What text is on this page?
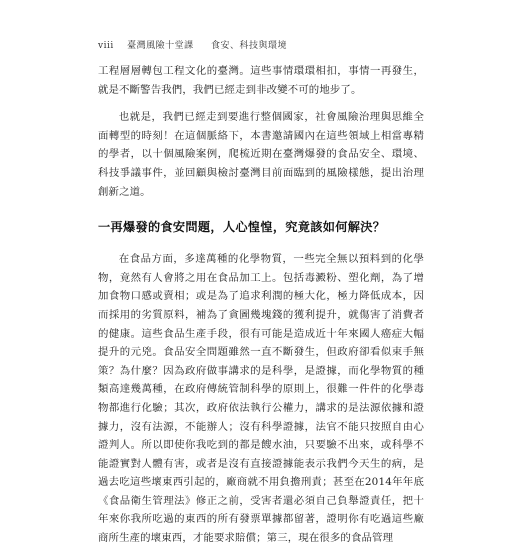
viii 臺灣風險十堂課 食安、科技與環境

工程層層轉包工程文化的臺灣。這些事情環環相扣，事情一再發生，就是不斷警告我們，我們已經走到非改變不可的地步了。

也就是，我們已經走到要進行整個國家，社會風險治理與思維全面轉型的時刻！在這個脈絡下，本書邀請國內在這些領域上相當專精的學者，以十個風險案例，爬梳近期在臺灣爆發的食品安全、環境、科技爭議事件，並回顧與檢討臺灣目前面臨到的風險樣態，提出治理創新之道。

一再爆發的食安問題，人心惶惶，究竟該如何解決？

在食品方面，多達萬種的化學物質，一些完全無以預料到的化學物，竟然有人會將之用在食品加工上。包括毒澱粉、塑化劑，為了增加食物口感或賣相；或是為了追求利潤的極大化，極力降低成本，因而採用的劣質原料，補為了貪圖幾塊錢的獲利提升，就傷害了消費者的健康。這些食品生產手段，很有可能是造成近十年來國人癌症大幅提升的元兇。食品安全問題雖然一直不斷發生，但政府卻看似束手無策？為什麼？因為政府做事講求的是科學，是證據，而化學物質的種類高達幾萬種，在政府傳統管制科學的原則上，很難一件件的化學毒物都進行化驗；其次，政府依法執行公權力，講求的是法源依據和證據力，沒有法源，不能辦人；沒有科學證據，法官不能只按照自由心證判人。所以即使你我吃到的都是餿水油，只要驗不出來，或科學不能證實對人體有害，或者是沒有直接證據能表示我們今天生的病，是過去吃這些壞東西引起的，廠商就不用負擔刑責；甚至在2014年年底《食品衛生管理法》修正之前，受害者還必須自己負舉證責任，把十年來你我所吃過的東西的所有發票單據都留著，證明你有吃過這些廠商所生產的壞東西，才能要求賠償；第三，現在很多的食品管理
